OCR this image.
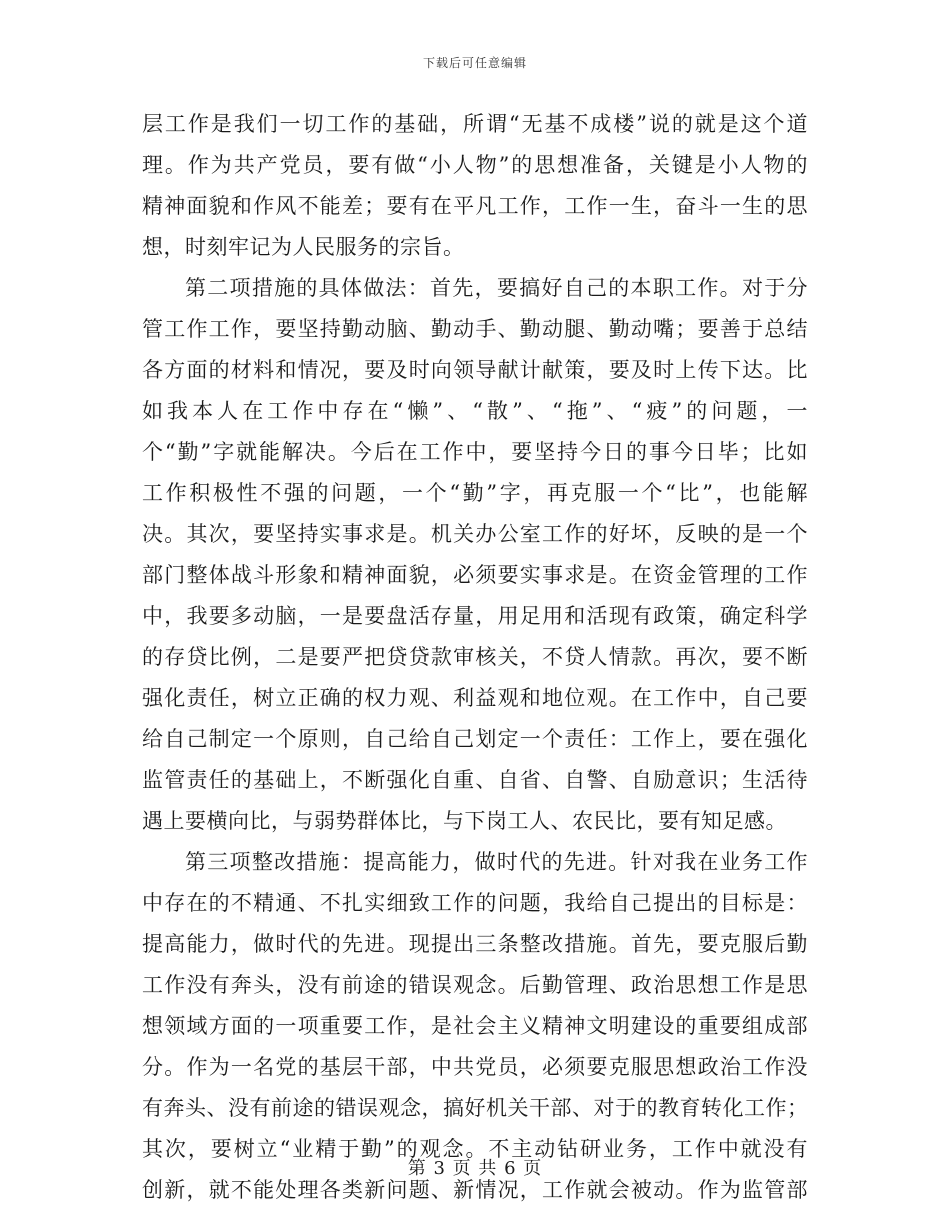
下载后可任意编辑
层工作是我们一切工作的基础，所谓“无基不成楼”说的就是这个道
理。作为共产党员，要有做“小人物”的思想准备，关键是小人物的
精神面貌和作风不能差；要有在平凡工作，工作一生，奋斗一生的思
想，时刻牢记为人民服务的宗旨。
第二项措施的具体做法：首先，要搞好自己的本职工作。对于分
管工作工作，要坚持勤动脑、勤动手、勤动腿、勤动嘴；要善于总结
各方面的材料和情况，要及时向领导献计献策，要及时上传下达。比
如我本人在工作中存在“懒”、“散”、“拖”、“疲”的问题，一
个“勤”字就能解决。今后在工作中，要坚持今日的事今日毕；比如
工作积极性不强的问题，一个“勤”字，再克服一个“比”，也能解
决。其次，要坚持实事求是。机关办公室工作的好坏，反映的是一个
部门整体战斗形象和精神面貌，必须要实事求是。在资金管理的工作
中，我要多动脑，一是要盘活存量，用足用和活现有政策，确定科学
的存贷比例，二是要严把贷贷款审核关，不贷人情款。再次，要不断
强化责任，树立正确的权力观、利益观和地位观。在工作中，自己要
给自己制定一个原则，自己给自己划定一个责任：工作上，要在强化
监管责任的基础上，不断强化自重、自省、自警、自励意识；生活待
遇上要横向比，与弱势群体比，与下岗工人、农民比，要有知足感。
第三项整改措施：提高能力，做时代的先进。针对我在业务工作
中存在的不精通、不扎实细致工作的问题，我给自己提出的目标是：
提高能力，做时代的先进。现提出三条整改措施。首先，要克服后勤
工作没有奔头，没有前途的错误观念。后勤管理、政治思想工作是思
想领域方面的一项重要工作，是社会主义精神文明建设的重要组成部
分。作为一名党的基层干部，中共党员，必须要克服思想政治工作没
有奔头、没有前途的错误观念，搞好机关干部、对于的教育转化工作；
其次，要树立“业精于勤”的观念。不主动钻研业务，工作中就没有
创新，就不能处理各类新问题、新情况，工作就会被动。作为监管部
第 3 页 共 6 页
